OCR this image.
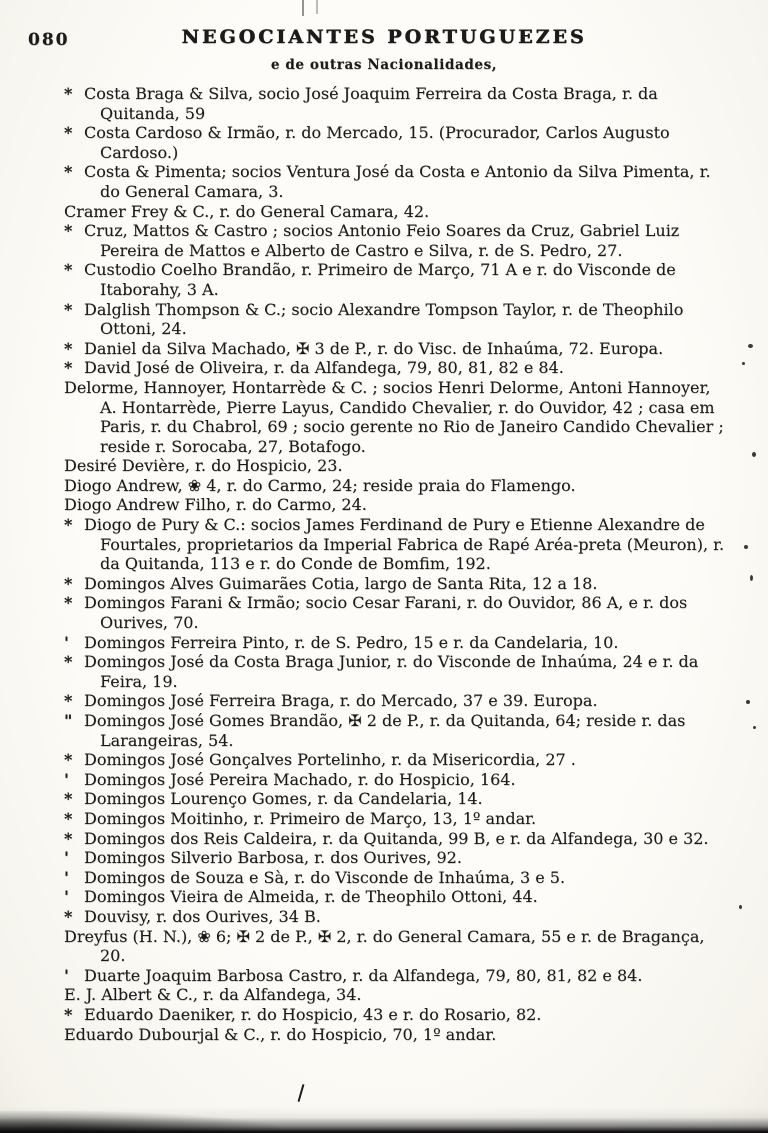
080	NEGOCIANTES PORTUGUEZES
e de outras Nacionalidades,
* Costa Braga & Silva, socio José Joaquim Ferreira da Costa Braga, r. da Quitanda, 59
* Costa Cardoso & Irmão, r. do Mercado, 15. (Procurador, Carlos Augusto Cardoso.)
* Costa & Pimenta; socios Ventura José da Costa e Antonio da Silva Pimenta, r. do General Camara, 3.
Cramer Frey & C., r. do General Camara, 42.
* Cruz, Mattos & Castro ; socios Antonio Feio Soares da Cruz, Gabriel Luiz Pereira de Mattos e Alberto de Castro e Silva, r. de S. Pedro, 27.
* Custodio Coelho Brandão, r. Primeiro de Março, 71 A e r. do Visconde de Itaborahy, 3 A.
* Dalglish Thompson & C.; socio Alexandre Tompson Taylor, r. de Theophilo Ottoni, 24.
* Daniel da Silva Machado, ✠ 3 de P., r. do Visc. de Inhaúma, 72. Europa.
* David José de Oliveira, r. da Alfandega, 79, 80, 81, 82 e 84.
Delorme, Hannoyer, Hontarrède & C. ; socios Henri Delorme, Antoni Hannoyer, A. Hontarrède, Pierre Layus, Candido Chevalier, r. do Ouvidor, 42 ; casa em Paris, r. du Chabrol, 69 ; socio gerente no Rio de Janeiro Candido Chevalier ; reside r. Sorocaba, 27, Botafogo.
Desiré Devière, r. do Hospicio, 23.
Diogo Andrew, ❀ 4, r. do Carmo, 24; reside praia do Flamengo.
Diogo Andrew Filho, r. do Carmo, 24.
* Diogo de Pury & C.: socios James Ferdinand de Pury e Etienne Alexandre de Fourtales, proprietarios da Imperial Fabrica de Rapé Aréa-preta (Meuron), r. da Quitanda, 113 e r. do Conde de Bomfim, 192.
* Domingos Alves Guimarães Cotia, largo de Santa Rita, 12 a 18.
* Domingos Farani & Irmão; socio Cesar Farani, r. do Ouvidor, 86 A, e r. dos Ourives, 70.
' Domingos Ferreira Pinto, r. de S. Pedro, 15 e r. da Candelaria, 10.
* Domingos José da Costa Braga Junior, r. do Visconde de Inhaúma, 24 e r. da Feira, 19.
* Domingos José Ferreira Braga, r. do Mercado, 37 e 39. Europa.
" Domingos José Gomes Brandão, ✠ 2 de P., r. da Quitanda, 64; reside r. das Larangeiras, 54.
* Domingos José Gonçalves Portelinho, r. da Misericordia, 27 .
' Domingos José Pereira Machado, r. do Hospicio, 164.
* Domingos Lourenço Gomes, r. da Candelaria, 14.
* Domingos Moitinho, r. Primeiro de Março, 13, 1º andar.
* Domingos dos Reis Caldeira, r. da Quitanda, 99 B, e r. da Alfandega, 30 e 32.
' Domingos Silverio Barbosa, r. dos Ourives, 92.
' Domingos de Souza e Sà, r. do Visconde de Inhaúma, 3 e 5.
' Domingos Vieira de Almeida, r. de Theophilo Ottoni, 44.
* Douvisy, r. dos Ourives, 34 B.
Dreyfus (H. N.), ❀ 6; ✠ 2 de P., ✠ 2, r. do General Camara, 55 e r. de Bragança, 20.
' Duarte Joaquim Barbosa Castro, r. da Alfandega, 79, 80, 81, 82 e 84.
E. J. Albert & C., r. da Alfandega, 34.
* Eduardo Daeniker, r. do Hospicio, 43 e r. do Rosario, 82.
Eduardo Dubourjal & C., r. do Hospicio, 70, 1º andar.
